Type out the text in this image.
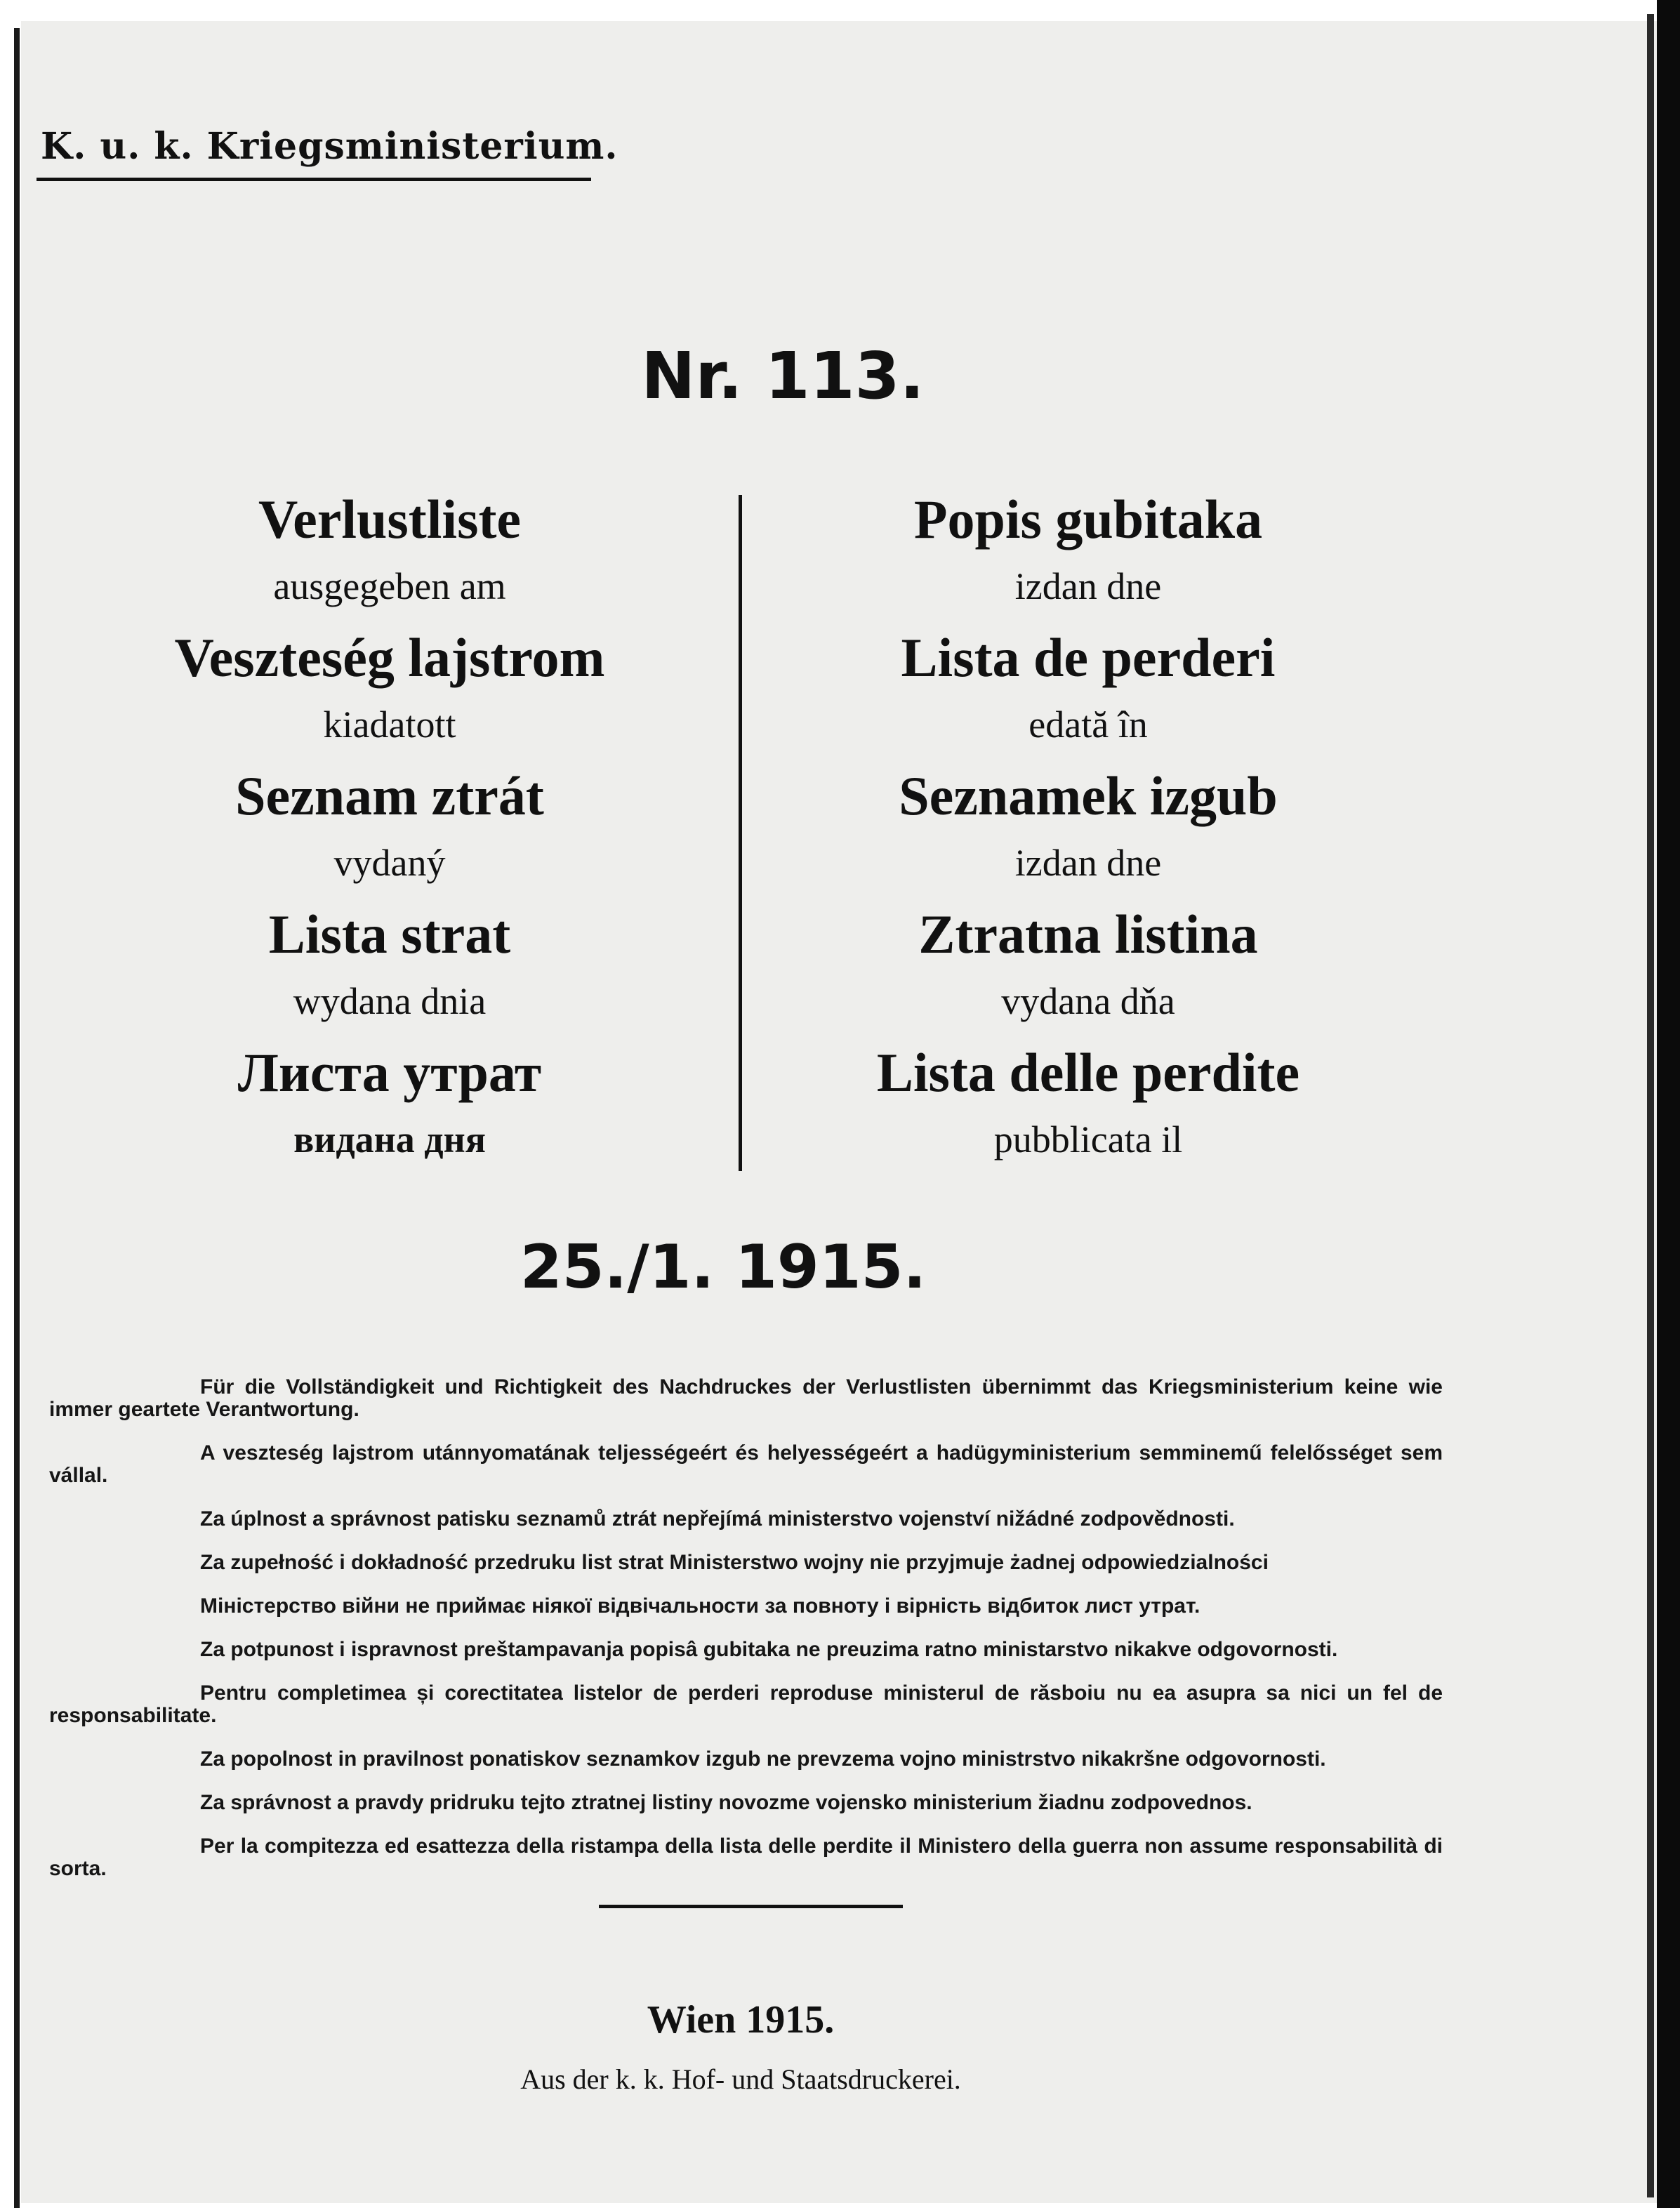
K. u. k. Kriegsministerium.
Nr. 113.
Verlustliste
ausgegeben am
Veszteség lajstrom
kiadatott
Seznam ztrát
vydaný
Lista strat
wydana dnia
Листа утрат
видана дня
Popis gubitaka
izdan dne
Lista de perderi
edată în
Seznamek izgub
izdan dne
Ztratna listina
vydana dňa
Lista delle perdite
pubblicata il
25./1. 1915.

Für die Vollständigkeit und Richtigkeit des Nachdruckes der Verlustlisten übernimmt das Kriegsministerium keine wie immer geartete Verantwortung.

A veszteség lajstrom utánnyomatának teljességeért és helyességeért a hadügyministerium semminemű felelősséget sem vállal.

Za úplnost a správnost patisku seznamů ztrát nepřejímá ministerstvo vojenství nižádné zodpovědnosti.

Za zupełność i dokładność przedruku list strat Ministerstwo wojny nie przyjmuje żadnej odpowiedzialności

Міністерство війни не приймає ніякої відвічальности за повноту і вірність відбиток лист утрат.

Za potpunost i ispravnost preštampavanja popisâ gubitaka ne preuzima ratno ministarstvo nikakve odgovornosti.

Pentru completimea și corectitatea listelor de perderi reproduse ministerul de răsboiu nu ea asupra sa nici un fel de responsabilitate.

Za popolnost in pravilnost ponatiskov seznamkov izgub ne prevzema vojno ministrstvo nikakršne odgovornosti.

Za správnost a pravdy pridruku tejto ztratnej listiny novozme vojensko ministerium žiadnu zodpovednos.

Per la compitezza ed esattezza della ristampa della lista delle perdite il Ministero della guerra non assume responsabilità di sorta.

Wien 1915.
Aus der k. k. Hof- und Staatsdruckerei.
